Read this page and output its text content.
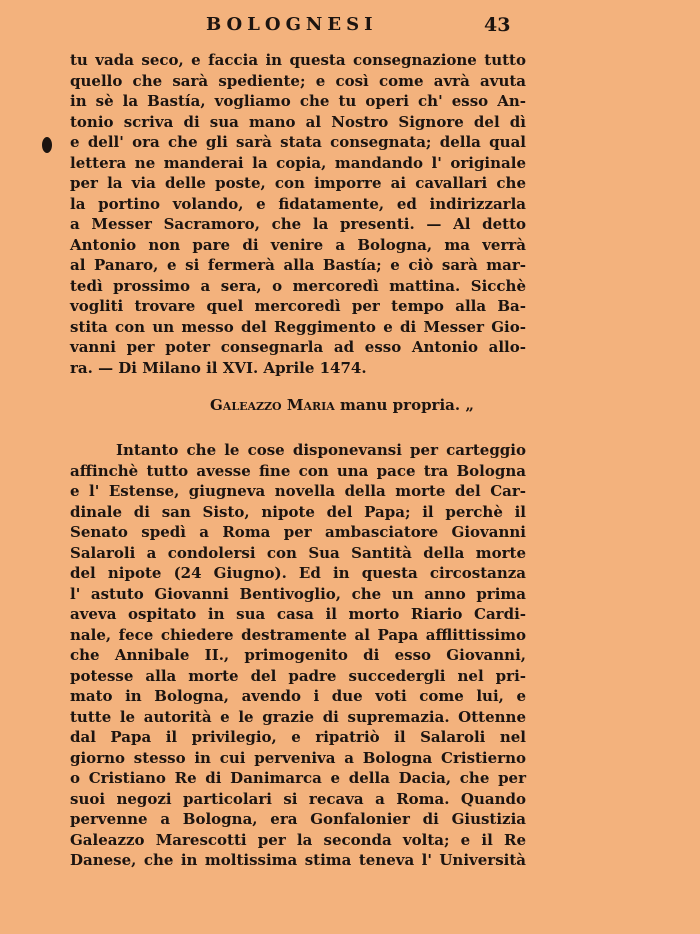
BOLOGNESI	43
tu vada seco, e faccia in questa consegnazione tutto
quello che sarà spediente; e così come avrà avuta
in sè la Bastía, vogliamo che tu operi ch' esso An-
tonio scriva di sua mano al Nostro Signore del dì
e dell' ora che gli sarà stata consegnata; della qual
lettera ne manderai la copia, mandando l' originale
per la via delle poste, con imporre ai cavallari che
la portino volando, e fidatamente, ed indirizzarla
a Messer Sacramoro, che la presenti. — Al detto
Antonio non pare di venire a Bologna, ma verrà
al Panaro, e si fermerà alla Bastía; e ciò sarà mar-
tedì prossimo a sera, o mercoredì mattina. Sicchè
vogliti trovare quel mercoredì per tempo alla Ba-
stita con un messo del Reggimento e di Messer Gio-
vanni per poter consegnarla ad esso Antonio allo-
ra. — Di Milano il XVI. Aprile 1474.
Galeazzo Maria manu propria. „
Intanto che le cose disponevansi per carteggio
affinchè tutto avesse fine con una pace tra Bologna
e l' Estense, giugneva novella della morte del Car-
dinale di san Sisto, nipote del Papa; il perchè il
Senato spedì a Roma per ambasciatore Giovanni
Salaroli a condolersi con Sua Santità della morte
del nipote (24 Giugno). Ed in questa circostanza
l' astuto Giovanni Bentivoglio, che un anno prima
aveva ospitato in sua casa il morto Riario Cardi-
nale, fece chiedere destramente al Papa afflittissimo
che Annibale II., primogenito di esso Giovanni,
potesse alla morte del padre succedergli nel pri-
mato in Bologna, avendo i due voti come lui, e
tutte le autorità e le grazie di supremazia. Ottenne
dal Papa il privilegio, e ripatriò il Salaroli nel
giorno stesso in cui perveniva a Bologna Cristierno
o Cristiano Re di Danimarca e della Dacia, che per
suoi negozi particolari si recava a Roma. Quando
pervenne a Bologna, era Gonfalonier di Giustizia
Galeazzo Marescotti per la seconda volta; e il Re
Danese, che in moltissima stima teneva l' Università
